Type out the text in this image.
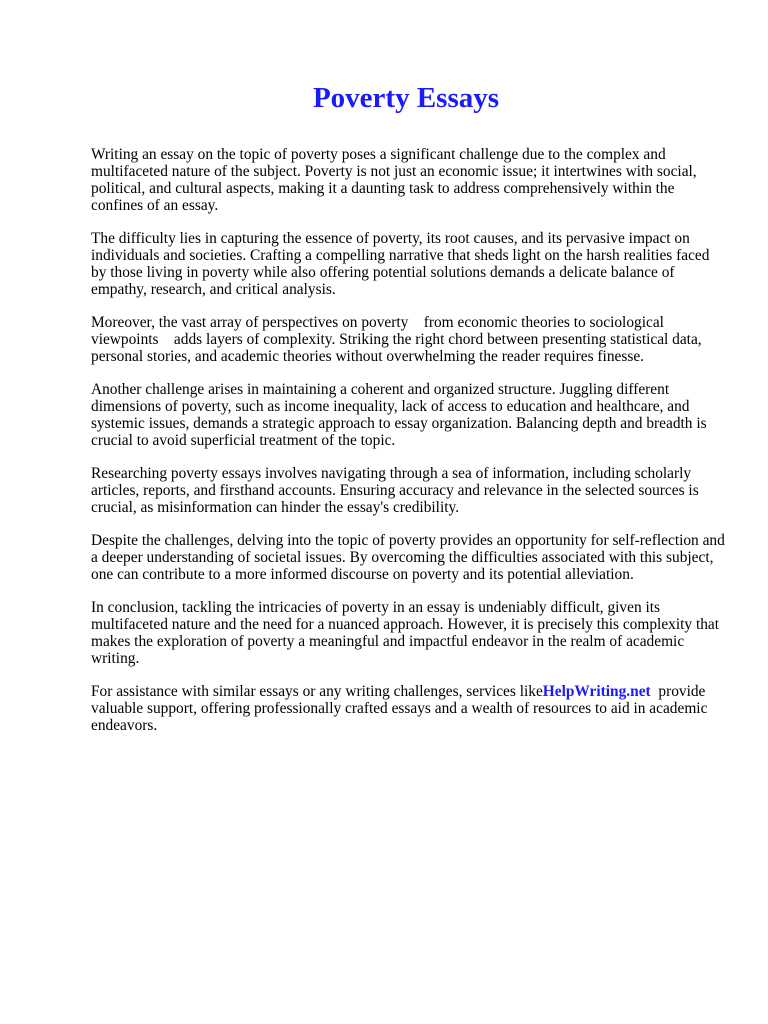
Poverty Essays

Writing an essay on the topic of poverty poses a significant challenge due to the complex and multifaceted nature of the subject. Poverty is not just an economic issue; it intertwines with social, political, and cultural aspects, making it a daunting task to address comprehensively within the confines of an essay.

The difficulty lies in capturing the essence of poverty, its root causes, and its pervasive impact on individuals and societies. Crafting a compelling narrative that sheds light on the harsh realities faced by those living in poverty while also offering potential solutions demands a delicate balance of empathy, research, and critical analysis.

Moreover, the vast array of perspectives on poverty    from economic theories to sociological viewpoints    adds layers of complexity. Striking the right chord between presenting statistical data, personal stories, and academic theories without overwhelming the reader requires finesse.

Another challenge arises in maintaining a coherent and organized structure. Juggling different dimensions of poverty, such as income inequality, lack of access to education and healthcare, and systemic issues, demands a strategic approach to essay organization. Balancing depth and breadth is crucial to avoid superficial treatment of the topic.

Researching poverty essays involves navigating through a sea of information, including scholarly articles, reports, and firsthand accounts. Ensuring accuracy and relevance in the selected sources is crucial, as misinformation can hinder the essay's credibility.

Despite the challenges, delving into the topic of poverty provides an opportunity for self-reflection and a deeper understanding of societal issues. By overcoming the difficulties associated with this subject, one can contribute to a more informed discourse on poverty and its potential alleviation.

In conclusion, tackling the intricacies of poverty in an essay is undeniably difficult, given its multifaceted nature and the need for a nuanced approach. However, it is precisely this complexity that makes the exploration of poverty a meaningful and impactful endeavor in the realm of academic writing.

For assistance with similar essays or any writing challenges, services likeHelpWriting.net  provide valuable support, offering professionally crafted essays and a wealth of resources to aid in academic endeavors.
